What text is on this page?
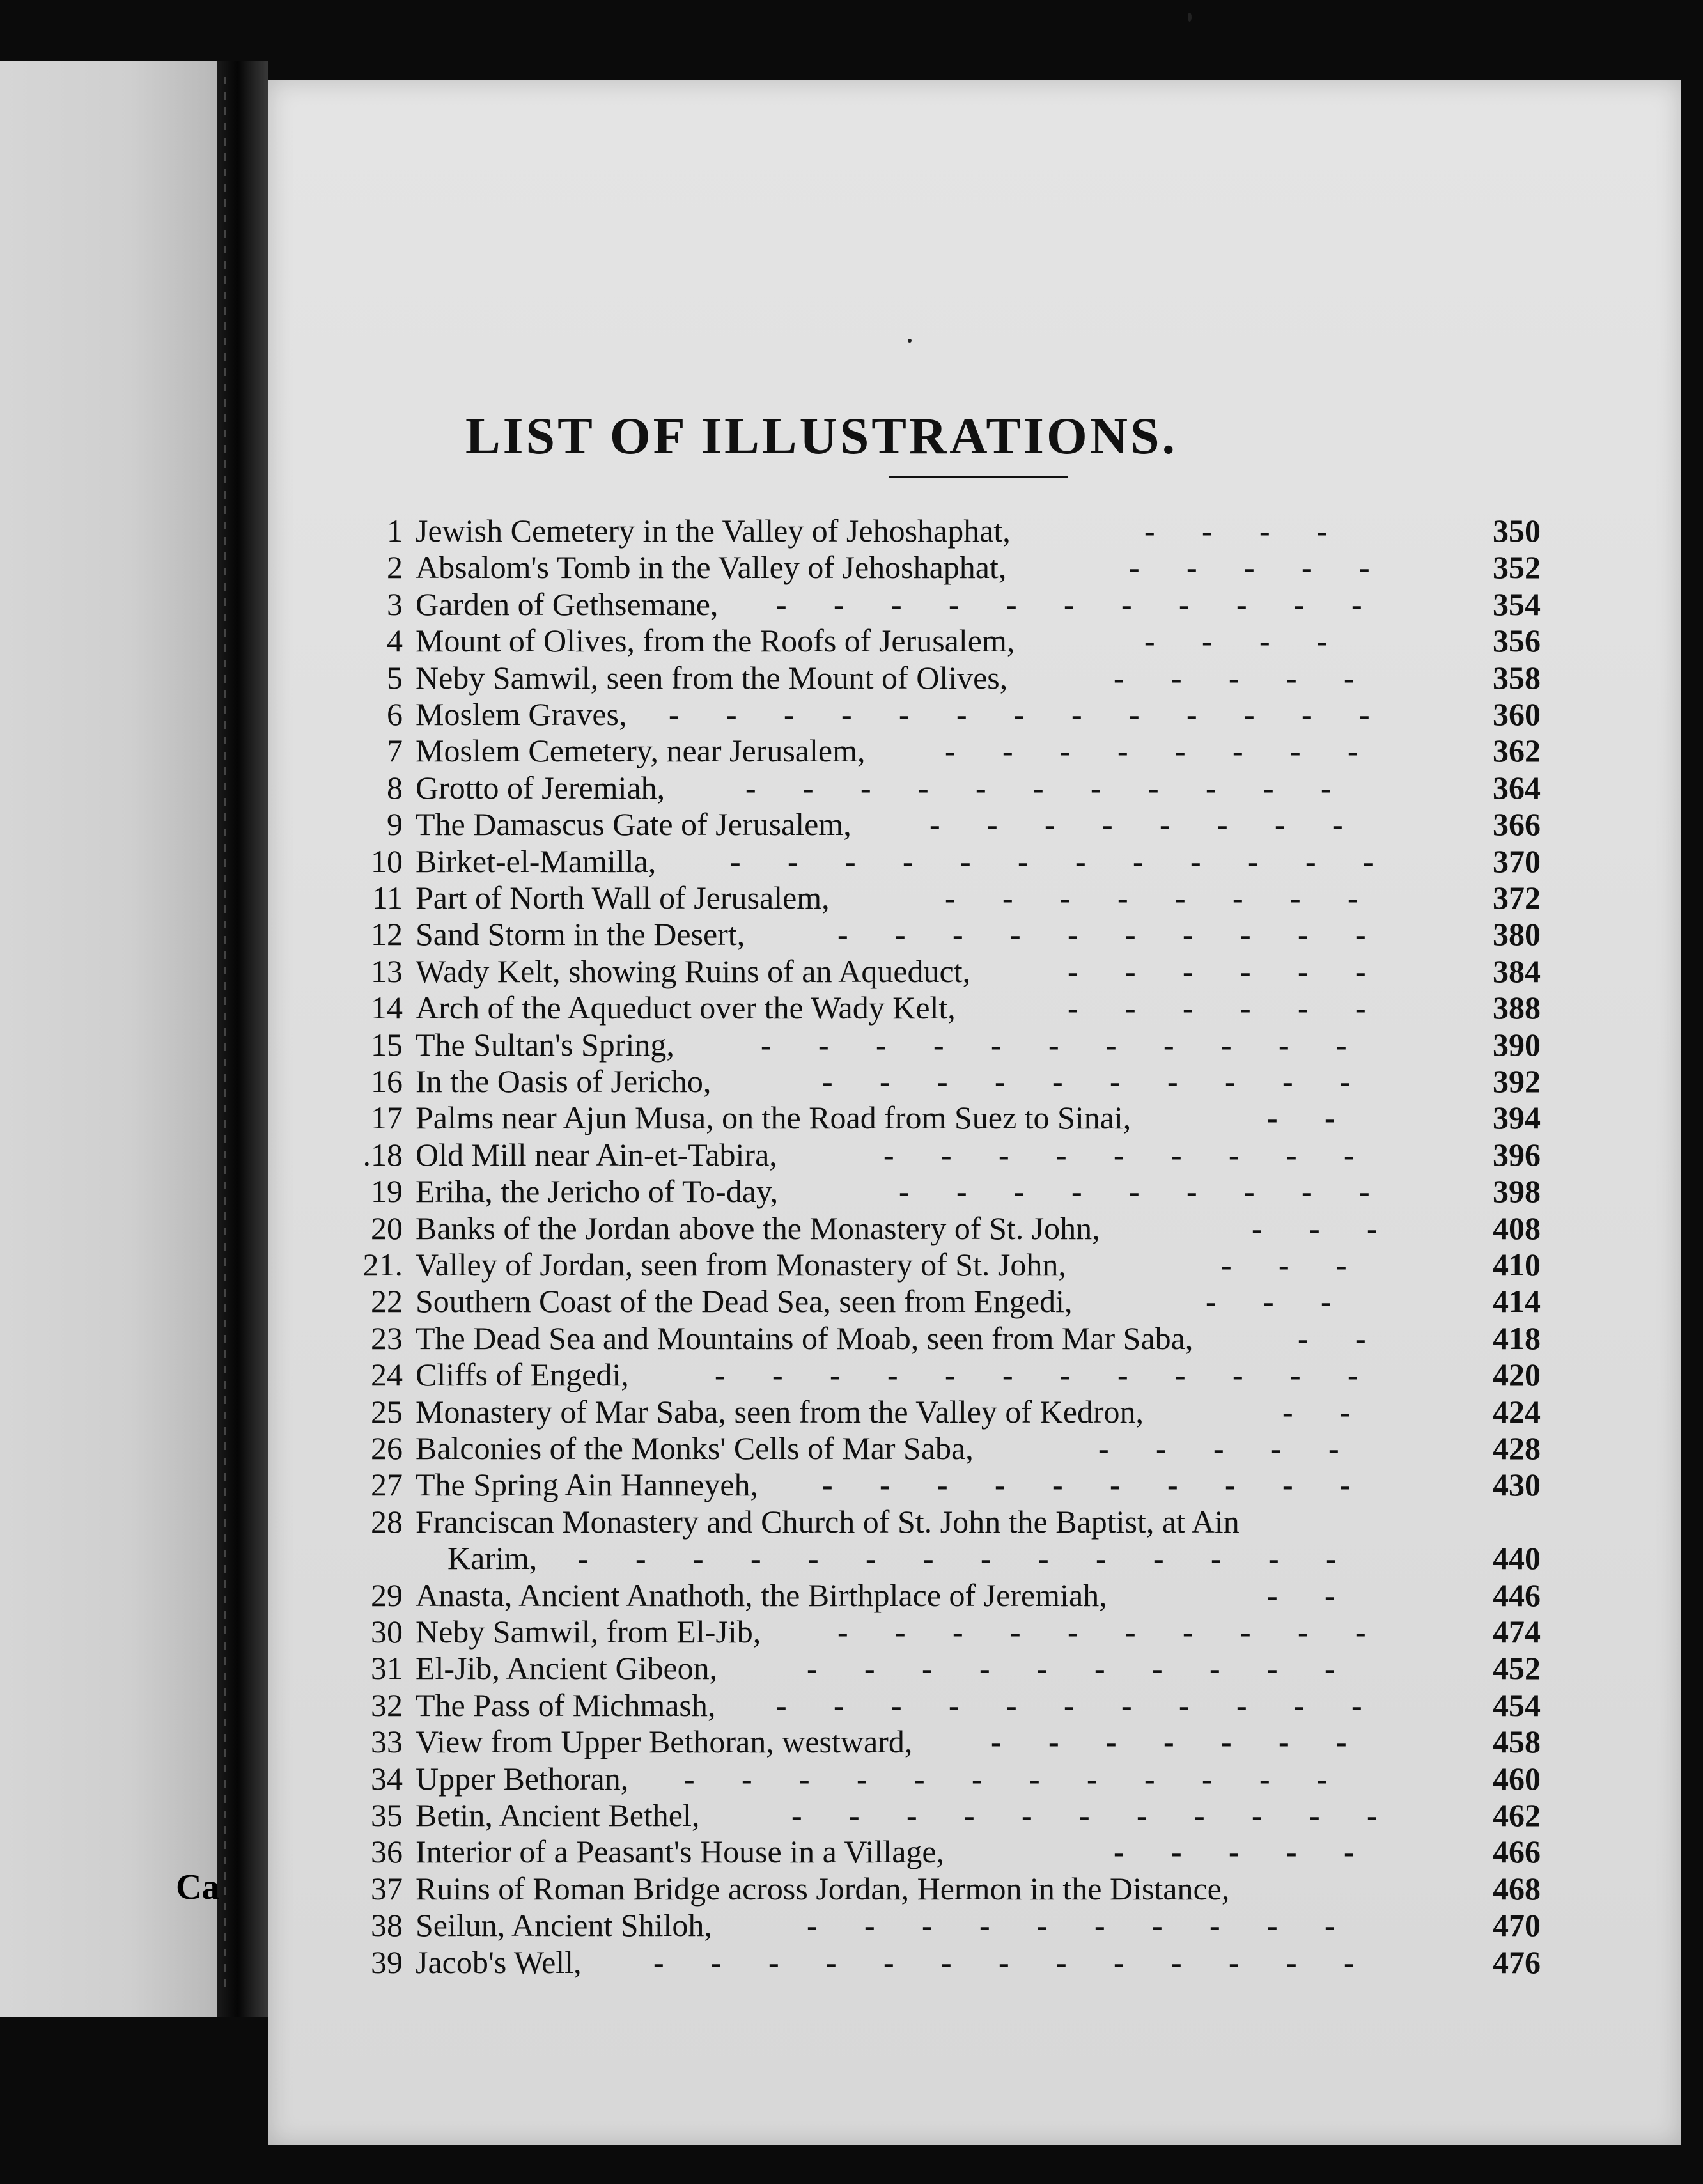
Ca
LIST OF ILLUSTRATIONS.
1 Jewish Cemetery in the Valley of Jehoshaphat,	350
- - - -
2 Absalom's Tomb in the Valley of Jehoshaphat,	352
- - - - -
3 Garden of Gethsemane,	354
- - - - - - - - - - -
4 Mount of Olives, from the Roofs of Jerusalem,	356
- - - -
5 Neby Samwil, seen from the Mount of Olives,	358
- - - - -
6 Moslem Graves,	360
- - - - - - - - - - - - -
7 Moslem Cemetery, near Jerusalem,	362
- - - - - - - -
8 Grotto of Jeremiah,	364
- - - - - - - - - - -
9 The Damascus Gate of Jerusalem,	366
- - - - - - - -
10 Birket-el-Mamilla,	370
- - - - - - - - - - - -
11 Part of North Wall of Jerusalem,	372
- - - - - - - -
12 Sand Storm in the Desert,	380
- - - - - - - - - -
13 Wady Kelt, showing Ruins of an Aqueduct,	384
- - - - - -
14 Arch of the Aqueduct over the Wady Kelt,	388
- - - - - -
15 The Sultan's Spring,	390
- - - - - - - - - - -
16 In the Oasis of Jericho,	392
- - - - - - - - - -
17 Palms near Ajun Musa, on the Road from Suez to Sinai,	394
- -
.18 Old Mill near Ain-et-Tabira,	396
- - - - - - - - -
19 Eriha, the Jericho of To-day,	398
- - - - - - - - -
20 Banks of the Jordan above the Monastery of St. John,	408
- - -
21. Valley of Jordan, seen from Monastery of St. John,	410
- - -
22 Southern Coast of the Dead Sea, seen from Engedi,	414
- - -
23 The Dead Sea and Mountains of Moab, seen from Mar Saba,	418
- -
24 Cliffs of Engedi,	420
- - - - - - - - - - - -
25 Monastery of Mar Saba, seen from the Valley of Kedron,	424
- -
26 Balconies of the Monks' Cells of Mar Saba,	428
- - - - -
27 The Spring Ain Hanneyeh,	430
- - - - - - - - - -
28 Franciscan Monastery and Church of St. John the Baptist, at Ain
Karim,	440
- - - - - - - - - - - - - -
29 Anasta, Ancient Anathoth, the Birthplace of Jeremiah,	446
- -
30 Neby Samwil, from El-Jib,	474
- - - - - - - - - -
31 El-Jib, Ancient Gibeon,	452
- - - - - - - - - -
32 The Pass of Michmash,	454
- - - - - - - - - - -
33 View from Upper Bethoran, westward,	458
- - - - - - -
34 Upper Bethoran,	460
- - - - - - - - - - - -
35 Betin, Ancient Bethel,	462
- - - - - - - - - - -
36 Interior of a Peasant's House in a Village,	466
- - - - -
37 Ruins of Roman Bridge across Jordan, Hermon in the Distance,	468
38 Seilun, Ancient Shiloh,	470
- - - - - - - - - -
39 Jacob's Well,	476
- - - - - - - - - - - - -
